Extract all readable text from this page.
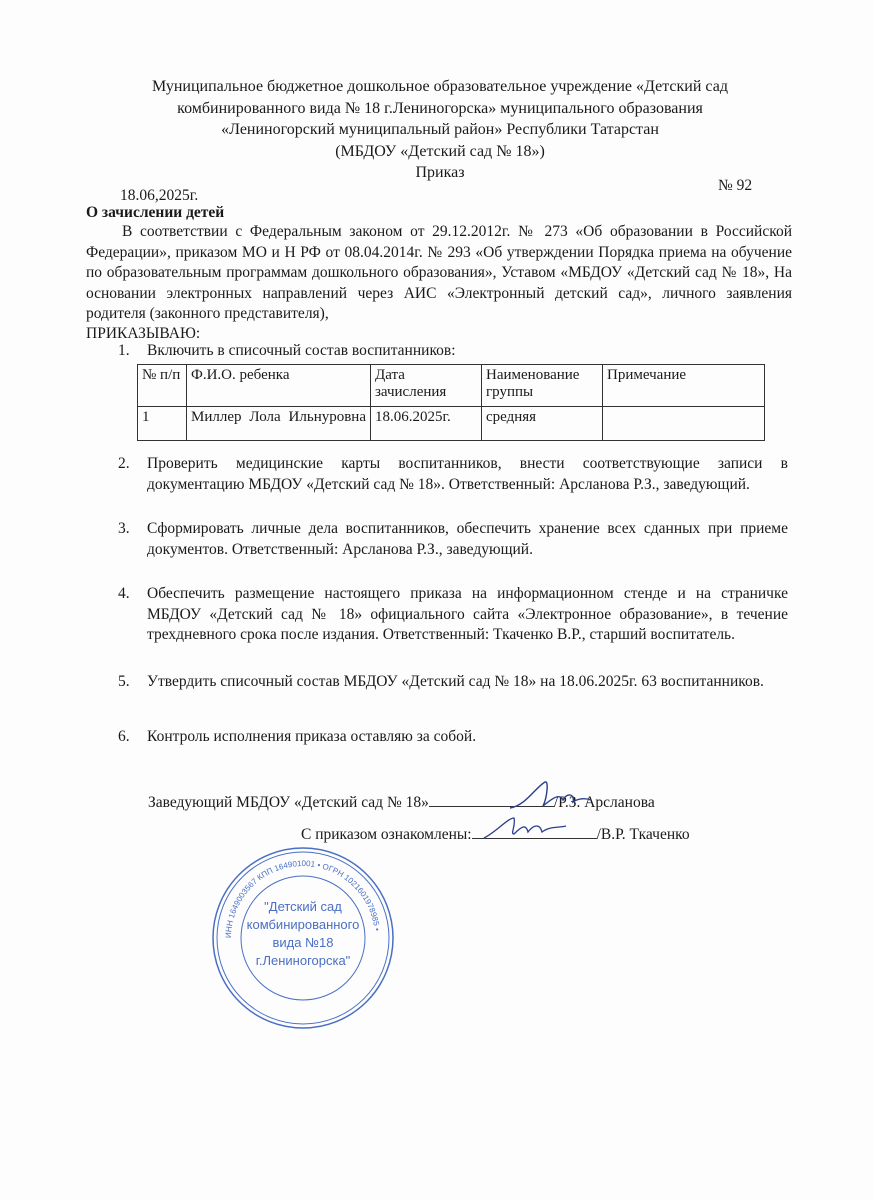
Муниципальное бюджетное дошкольное образовательное учреждение «Детский сад
комбинированного вида № 18 г.Лениногорска» муниципального образования
«Лениногорский муниципальный район» Республики Татарстан
(МБДОУ «Детский сад № 18»)
Приказ
18.06,2025г.
№ 92
О зачислении детей
В соответствии с Федеральным законом от 29.12.2012г. № 273 «Об образовании в Российской Федерации», приказом МО и Н РФ от 08.04.2014г. № 293 «Об утверждении Порядка приема на обучение по образовательным программам дошкольного образования», Уставом «МБДОУ «Детский сад № 18», На основании электронных направлений через АИС «Электронный детский сад», личного заявления родителя (законного представителя),
ПРИКАЗЫВАЮ:
1. Включить в списочный состав воспитанников:
№ п/п	Ф.И.О. ребенка	Дата зачисления	Наименование группы	Примечание
1	Миллер Лола Ильнуровна	18.06.2025г.	средняя	
2. Проверить медицинские карты воспитанников, внести соответствующие записи в документацию МБДОУ «Детский сад № 18». Ответственный: Арсланова Р.З., заведующий.
3. Сформировать личные дела воспитанников, обеспечить хранение всех сданных при приеме документов. Ответственный: Арсланова Р.З., заведующий.
4. Обеспечить размещение настоящего приказа на информационном стенде и на страничке МБДОУ «Детский сад № 18» официального сайта «Электронное образование», в течение трехдневного срока после издания. Ответственный: Ткаченко В.Р., старший воспитатель.
5. Утвердить списочный состав МБДОУ «Детский сад № 18» на 18.06.2025г. 63 воспитанников.
6. Контроль исполнения приказа оставляю за собой.
Заведующий МБДОУ «Детский сад № 18»	/Р.З. Арсланова
С приказом ознакомлены:	/В.Р. Ткаченко
ИНН 1649003567 КПП 164901001 • ОГРН 1021601978985 •
"Детский сад
комбинированного
вида №18
г.Лениногорска"
